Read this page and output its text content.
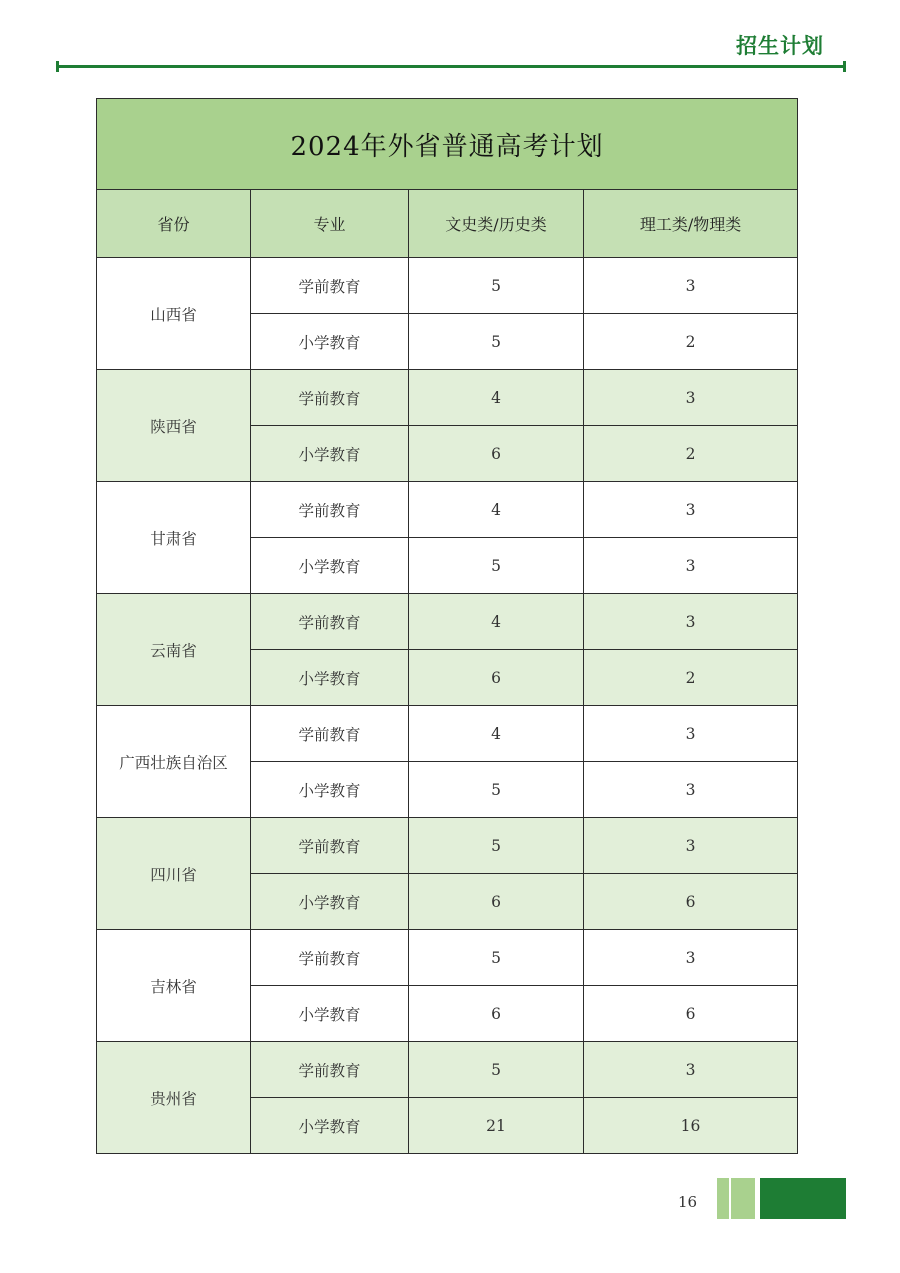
招生计划
2024年外省普通高考计划			
省份	专业	文史类/历史类	理工类/物理类
山西省	学前教育	5	3
	小学教育	5	2
陕西省	学前教育	4	3
	小学教育	6	2
甘肃省	学前教育	4	3
	小学教育	5	3
云南省	学前教育	4	3
	小学教育	6	2
广西壮族自治区	学前教育	4	3
	小学教育	5	3
四川省	学前教育	5	3
	小学教育	6	6
吉林省	学前教育	5	3
	小学教育	6	6
贵州省	学前教育	5	3
	小学教育	21	16
16
